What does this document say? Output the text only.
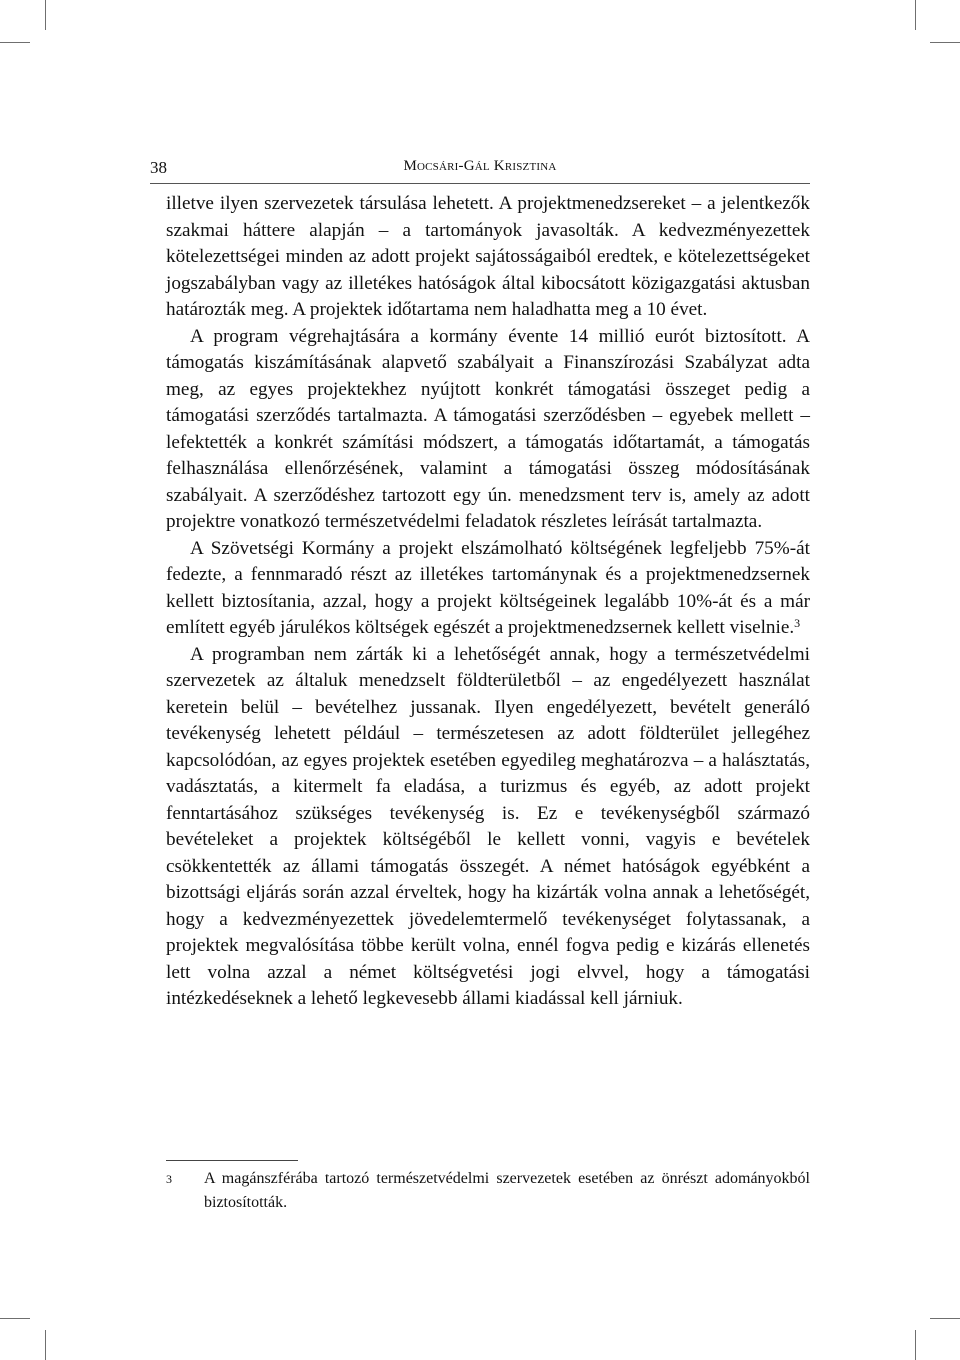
38	Mocsári-Gál Krisztina

illetve ilyen szervezetek társulása lehetett. A projektmenedzsereket – a jelentkezők szakmai háttere alapján – a tartományok javasolták. A kedvezményezettek kötelezettségei minden az adott projekt sajátosságaiból eredtek, e kötelezettségeket jogszabályban vagy az illetékes hatóságok által kibocsátott közigazgatási aktusban határozták meg. A projektek időtartama nem haladhatta meg a 10 évet.

A program végrehajtására a kormány évente 14 millió eurót biztosított. A támogatás kiszámításának alapvető szabályait a Finanszírozási Szabályzat adta meg, az egyes projektekhez nyújtott konkrét támogatási összeget pedig a támogatási szerződés tartalmazta. A támogatási szerződésben – egyebek mellett – lefektették a konkrét számítási módszert, a támogatás időtartamát, a támogatás felhasználása ellenőrzésének, valamint a támogatási összeg módosításának szabályait. A szerződéshez tartozott egy ún. menedzsment terv is, amely az adott projektre vonatkozó természetvédelmi feladatok részletes leírását tartalmazta.

A Szövetségi Kormány a projekt elszámolható költségének legfeljebb 75%-át fedezte, a fennmaradó részt az illetékes tartománynak és a projektmenedzsernek kellett biztosítania, azzal, hogy a projekt költségeinek legalább 10%-át és a már említett egyéb járulékos költségek egészét a projektmenedzsernek kellett viselnie.$^3$

A programban nem zárták ki a lehetőségét annak, hogy a természetvédelmi szervezetek az általuk menedzselt földterületből – az engedélyezett használat keretein belül – bevételhez jussanak. Ilyen engedélyezett, bevételt generáló tevékenység lehetett például – természetesen az adott földterület jellegéhez kapcsolódóan, az egyes projektek esetében egyedileg meghatározva – a halásztatás, vadásztatás, a kitermelt fa eladása, a turizmus és egyéb, az adott projekt fenntartásához szükséges tevékenység is. Ez e tevékenységből származó bevételeket a projektek költségéből le kellett vonni, vagyis e bevételek csökkentették az állami támogatás összegét. A német hatóságok egyébként a bizottsági eljárás során azzal érveltek, hogy ha kizárták volna annak a lehetőségét, hogy a kedvezményezettek jövedelemtermelő tevékenységet folytassanak, a projektek megvalósítása többe került volna, ennél fogva pedig e kizárás ellenetés lett volna azzal a német költségvetési jogi elvvel, hogy a támogatási intézkedéseknek a lehető legkevesebb állami kiadással kell járniuk.

3 A magánszférába tartozó természetvédelmi szervezetek esetében az önrészt adományokból biztosították.
